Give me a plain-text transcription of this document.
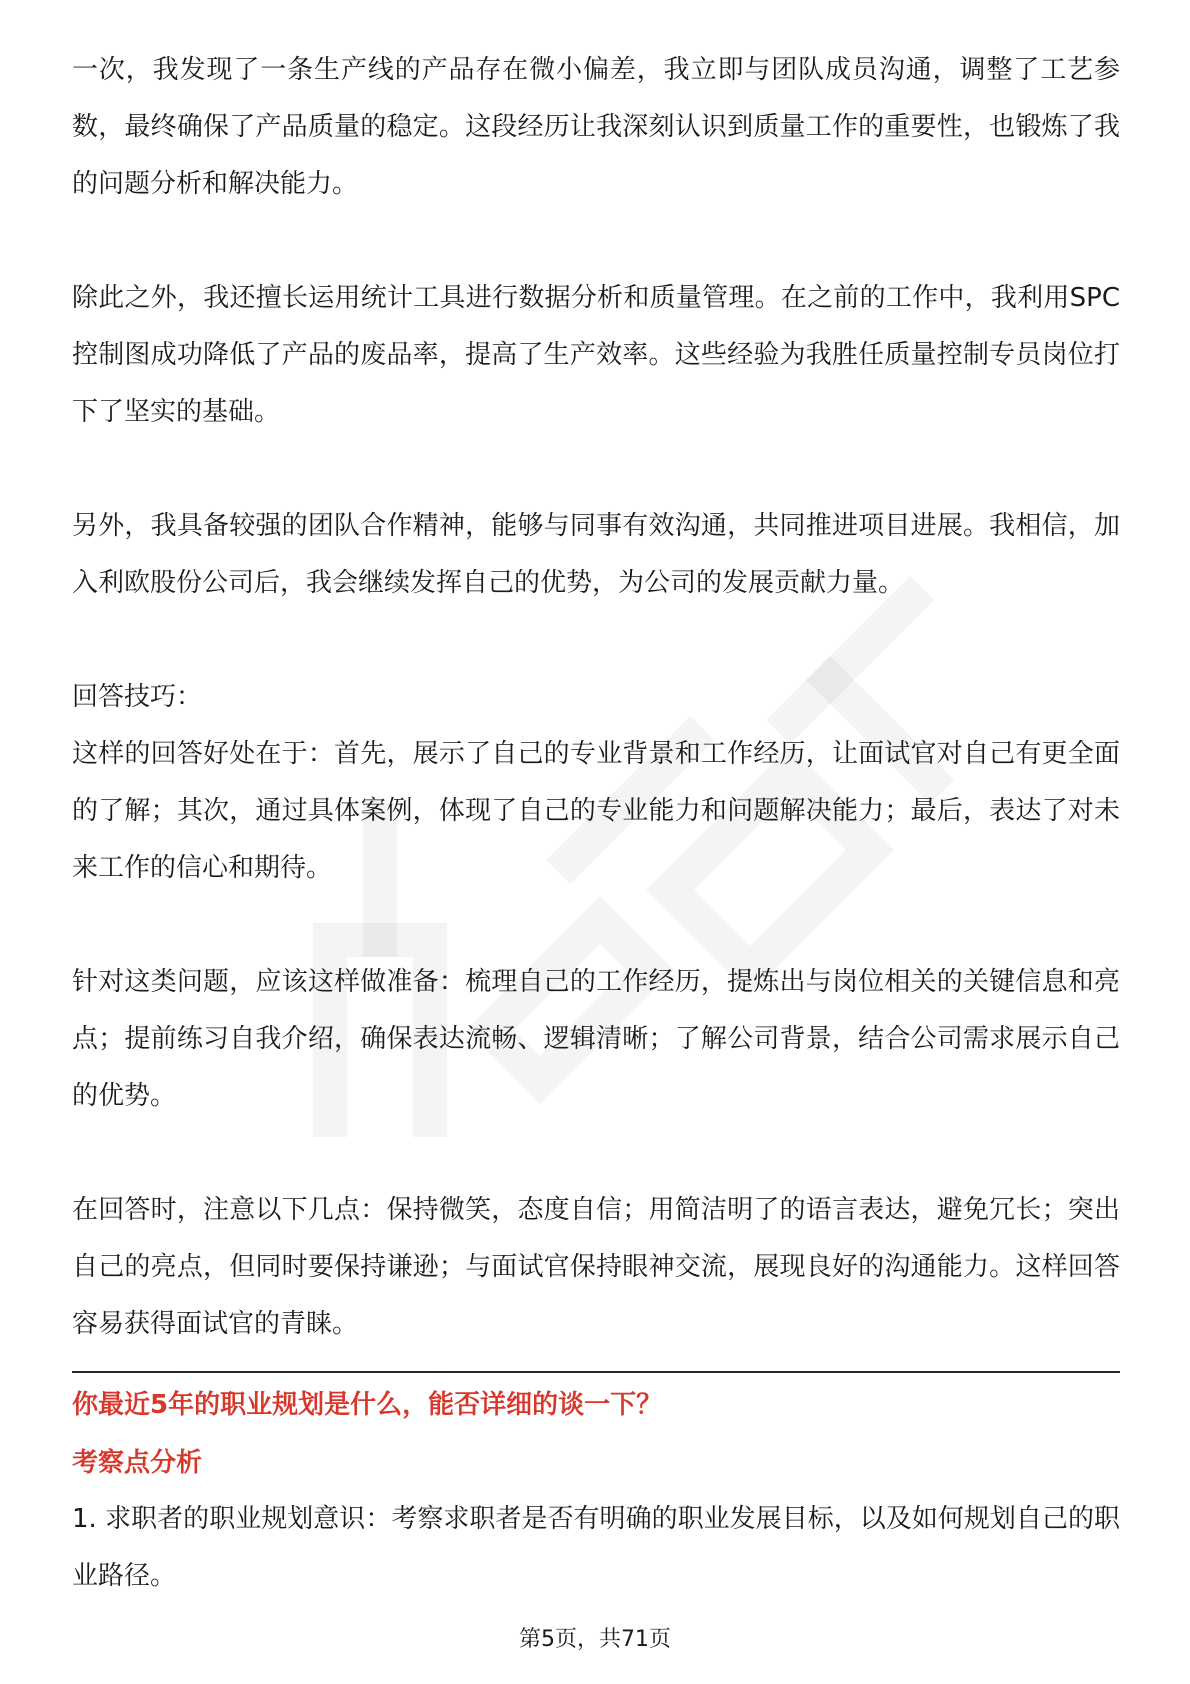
一次，我发现了一条生产线的产品存在微小偏差，我立即与团队成员沟通，调整了工艺参数，最终确保了产品质量的稳定。这段经历让我深刻认识到质量工作的重要性，也锻炼了我的问题分析和解决能力。

除此之外，我还擅长运用统计工具进行数据分析和质量管理。在之前的工作中，我利用SPC控制图成功降低了产品的废品率，提高了生产效率。这些经验为我胜任质量控制专员岗位打下了坚实的基础。

另外，我具备较强的团队合作精神，能够与同事有效沟通，共同推进项目进展。我相信，加入利欧股份公司后，我会继续发挥自己的优势，为公司的发展贡献力量。

回答技巧：

这样的回答好处在于：首先，展示了自己的专业背景和工作经历，让面试官对自己有更全面的了解；其次，通过具体案例，体现了自己的专业能力和问题解决能力；最后，表达了对未来工作的信心和期待。

针对这类问题，应该这样做准备：梳理自己的工作经历，提炼出与岗位相关的关键信息和亮点；提前练习自我介绍，确保表达流畅、逻辑清晰；了解公司背景，结合公司需求展示自己的优势。

在回答时，注意以下几点：保持微笑，态度自信；用简洁明了的语言表达，避免冗长；突出自己的亮点，但同时要保持谦逊；与面试官保持眼神交流，展现良好的沟通能力。这样回答容易获得面试官的青睐。

你最近5年的职业规划是什么，能否详细的谈一下？

考察点分析

1. 求职者的职业规划意识：考察求职者是否有明确的职业发展目标，以及如何规划自己的职业路径。

第5页，共71页
